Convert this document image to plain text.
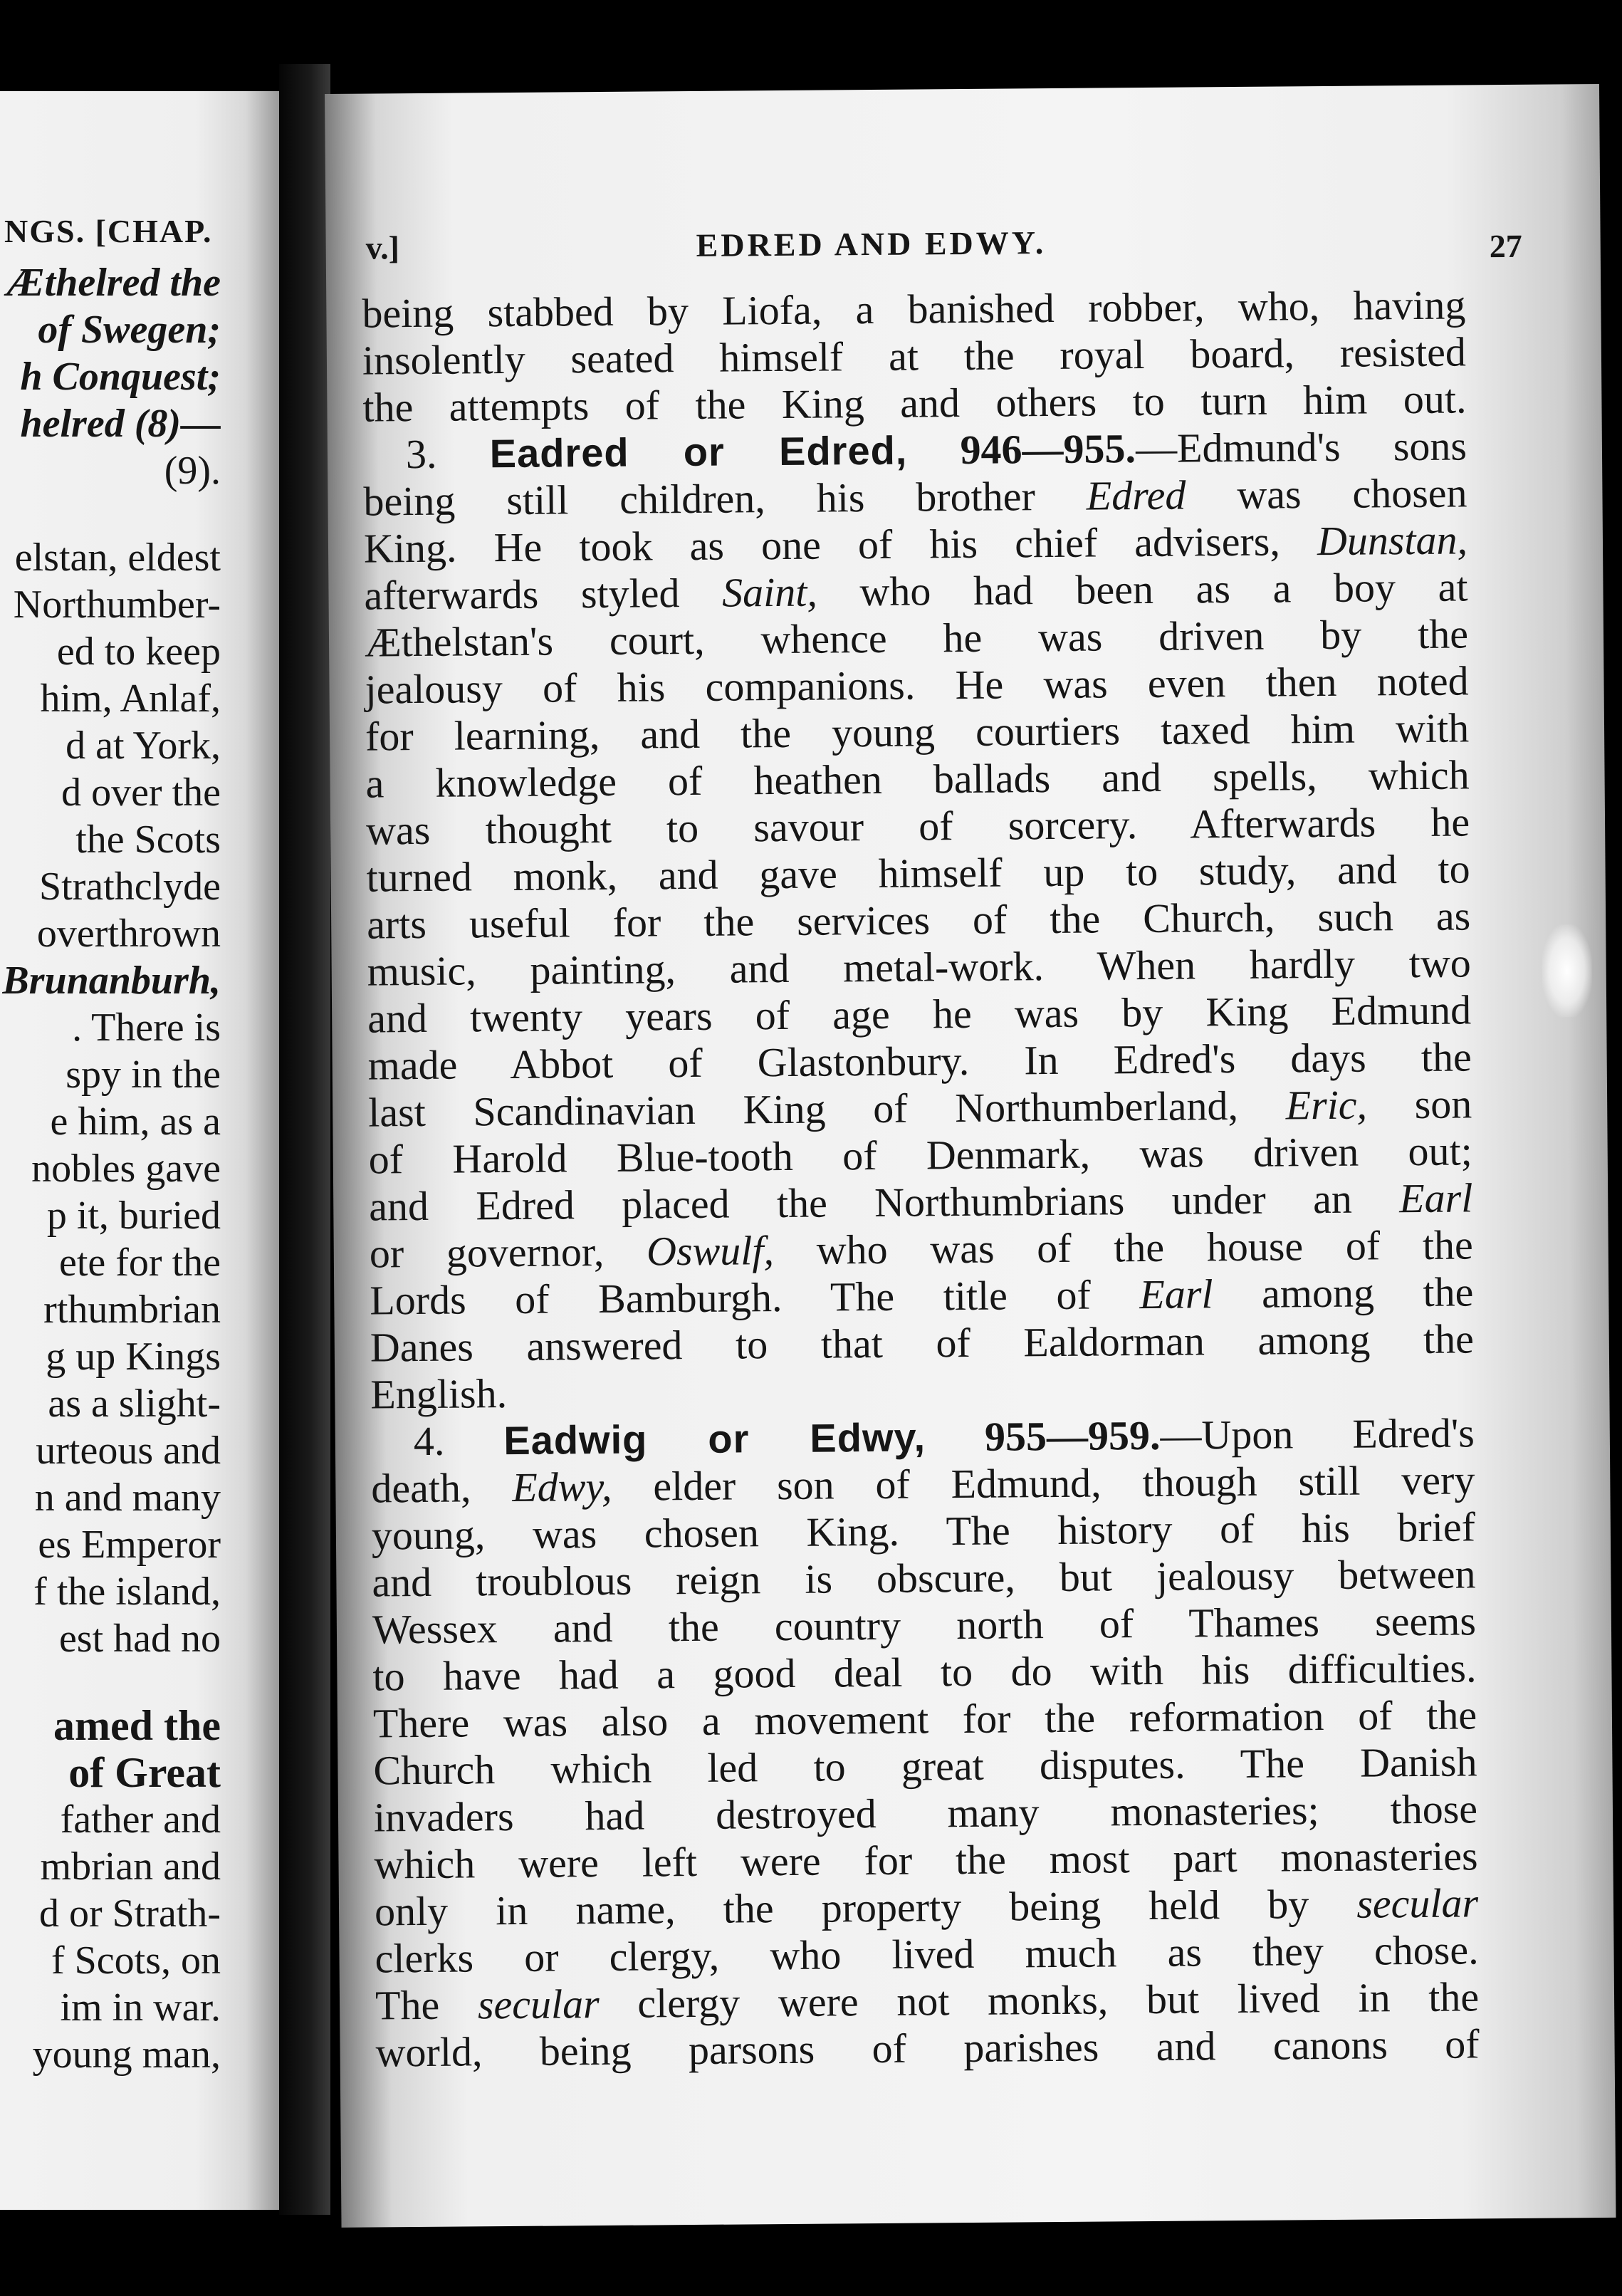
NGS. [CHAP.
Æthelred the
of Swegen;
h Conquest;
helred (8)—
(9).
elstan, eldest
Northumber-
ed to keep
him, Anlaf,
d at York,
d over the
the Scots
Strathclyde
overthrown
Brunanburh,
. There is
spy in the
e him, as a
nobles gave
p it, buried
ete for the
rthumbrian
g up Kings
as a slight-
urteous and
n and many
es Emperor
f the island,
est had no
amed the
of Great
father and
mbrian and
d or Strath-
f Scots, on
im in war.
young man,
v.]	EDRED AND EDWY.	27
being stabbed by Liofa, a banished robber, who, having
insolently seated himself at the royal board, resisted
the attempts of the King and others to turn him out.
3. Eadred or Edred, 946—955.—Edmund's sons
being still children, his brother Edred was chosen
King. He took as one of his chief advisers, Dunstan,
afterwards styled Saint, who had been as a boy at
Æthelstan's court, whence he was driven by the
jealousy of his companions. He was even then noted
for learning, and the young courtiers taxed him with
a knowledge of heathen ballads and spells, which
was thought to savour of sorcery. Afterwards he
turned monk, and gave himself up to study, and to
arts useful for the services of the Church, such as
music, painting, and metal-work. When hardly two
and twenty years of age he was by King Edmund
made Abbot of Glastonbury. In Edred's days the
last Scandinavian King of Northumberland, Eric, son
of Harold Blue-tooth of Denmark, was driven out;
and Edred placed the Northumbrians under an Earl
or governor, Oswulf, who was of the house of the
Lords of Bamburgh. The title of Earl among the
Danes answered to that of Ealdorman among the
English.
4. Eadwig or Edwy, 955—959.—Upon Edred's
death, Edwy, elder son of Edmund, though still very
young, was chosen King. The history of his brief
and troublous reign is obscure, but jealousy between
Wessex and the country north of Thames seems
to have had a good deal to do with his difficulties.
There was also a movement for the reformation of the
Church which led to great disputes. The Danish
invaders had destroyed many monasteries; those
which were left were for the most part monasteries
only in name, the property being held by secular
clerks or clergy, who lived much as they chose.
The secular clergy were not monks, but lived in the
world, being parsons of parishes and canons of
